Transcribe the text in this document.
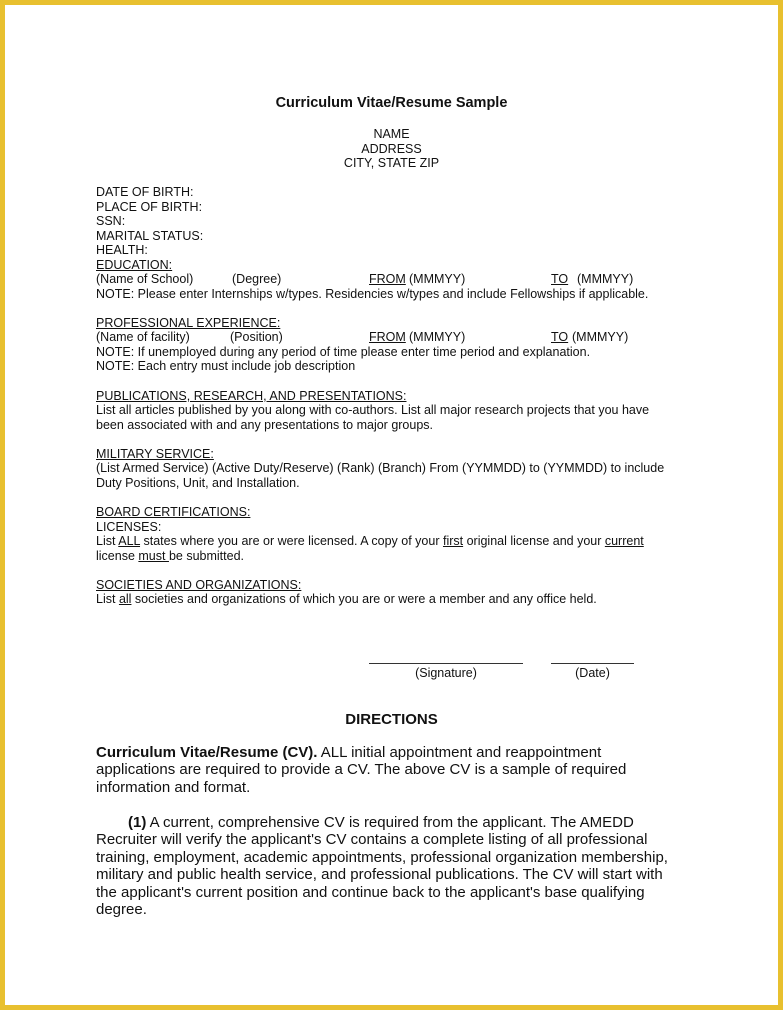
Curriculum Vitae/Resume Sample
NAME
ADDRESS
CITY, STATE ZIP
DATE OF BIRTH:
PLACE OF BIRTH:
SSN:
MARITAL STATUS:
HEALTH:
EDUCATION:
(Name of School)	(Degree)	FROM (MMMYY)	TO (MMMYY)
NOTE: Please enter Internships w/types. Residencies w/types and include Fellowships if applicable.
PROFESSIONAL EXPERIENCE:
(Name of facility)	(Position)	FROM (MMMYY)	TO (MMMYY)
NOTE: If unemployed during any period of time please enter time period and explanation.
NOTE: Each entry must include job description
PUBLICATIONS, RESEARCH, AND PRESENTATIONS:
List all articles published by you along with co-authors. List all major research projects that you have
been associated with and any presentations to major groups.
MILITARY SERVICE:
(List Armed Service) (Active Duty/Reserve) (Rank) (Branch) From (YYMMDD) to (YYMMDD) to include
Duty Positions, Unit, and Installation.
BOARD CERTIFICATIONS:
LICENSES:
List ALL states where you are or were licensed. A copy of your first original license and your current
license must be submitted.
SOCIETIES AND ORGANIZATIONS:
List all societies and organizations of which you are or were a member and any office held.
(Signature)	(Date)
DIRECTIONS
Curriculum Vitae/Resume (CV). ALL initial appointment and reappointment applications are required to provide a CV. The above CV is a sample of required information and format.
(1) A current, comprehensive CV is required from the applicant. The AMEDD Recruiter will verify the applicant's CV contains a complete listing of all professional training, employment, academic appointments, professional organization membership, military and public health service, and professional publications. The CV will start with the applicant's current position and continue back to the applicant's base qualifying degree.
